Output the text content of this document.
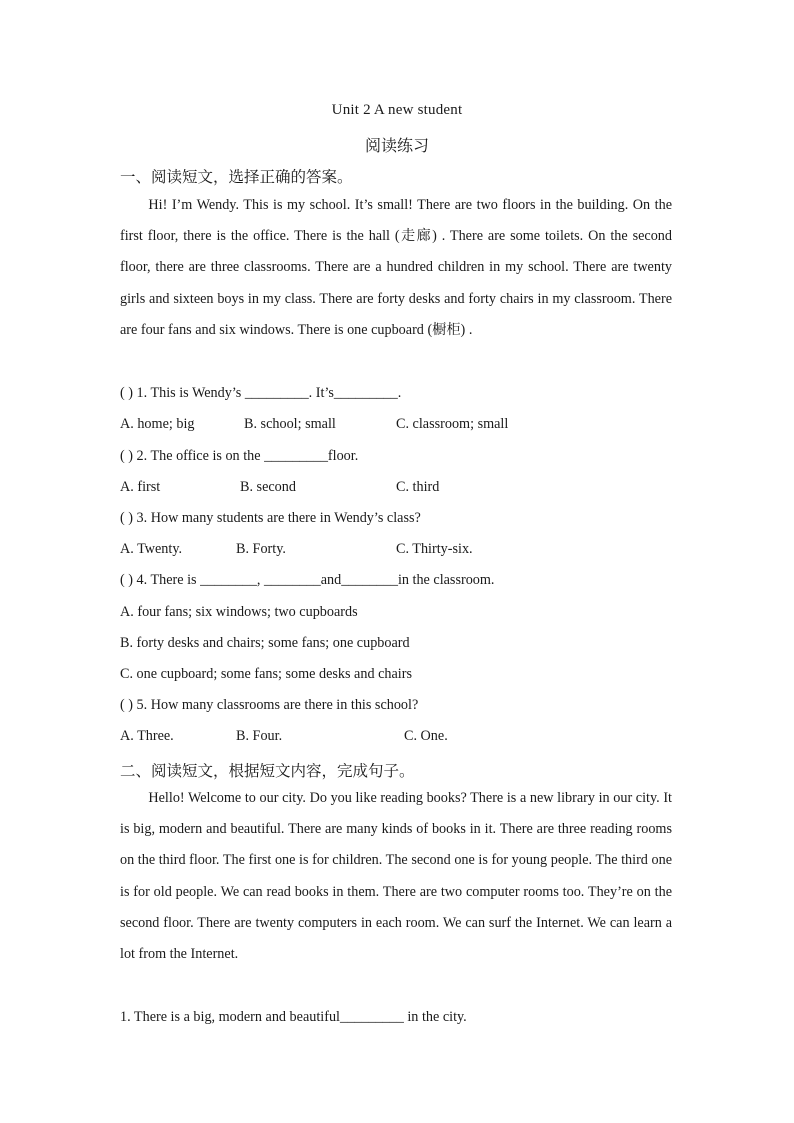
Unit 2 A new student
阅读练习
一、阅读短文，选择正确的答案。

Hi! I’m Wendy. This is my school. It’s small! There are two floors in the building. On the first floor, there is the office. There is the hall (走廊) . There are some toilets. On the second floor, there are three classrooms. There are a hundred children in my school. There are twenty girls and sixteen boys in my class. There are forty desks and forty chairs in my classroom. There are four fans and six windows. There is one cupboard (橱柜) .

( ) 1. This is Wendy’s _________. It’s_________.
A. home; big	B. school; small	C. classroom; small
( ) 2. The office is on the _________floor.
A. first	B. second	C. third
( ) 3. How many students are there in Wendy’s class?
A. Twenty.	B. Forty.	C. Thirty-six.
( ) 4. There is ________, ________and________in the classroom.
A. four fans; six windows; two cupboards
B. forty desks and chairs; some fans; one cupboard
C. one cupboard; some fans; some desks and chairs
( ) 5. How many classrooms are there in this school?
A. Three.	B. Four.	C. One.
二、阅读短文，根据短文内容，完成句子。

Hello! Welcome to our city. Do you like reading books? There is a new library in our city. It is big, modern and beautiful. There are many kinds of books in it. There are three reading rooms on the third floor. The first one is for children. The second one is for young people. The third one is for old people. We can read books in them. There are two computer rooms too. They’re on the second floor. There are twenty computers in each room. We can surf the Internet. We can learn a lot from the Internet.

1. There is a big, modern and beautiful_________ in the city.
